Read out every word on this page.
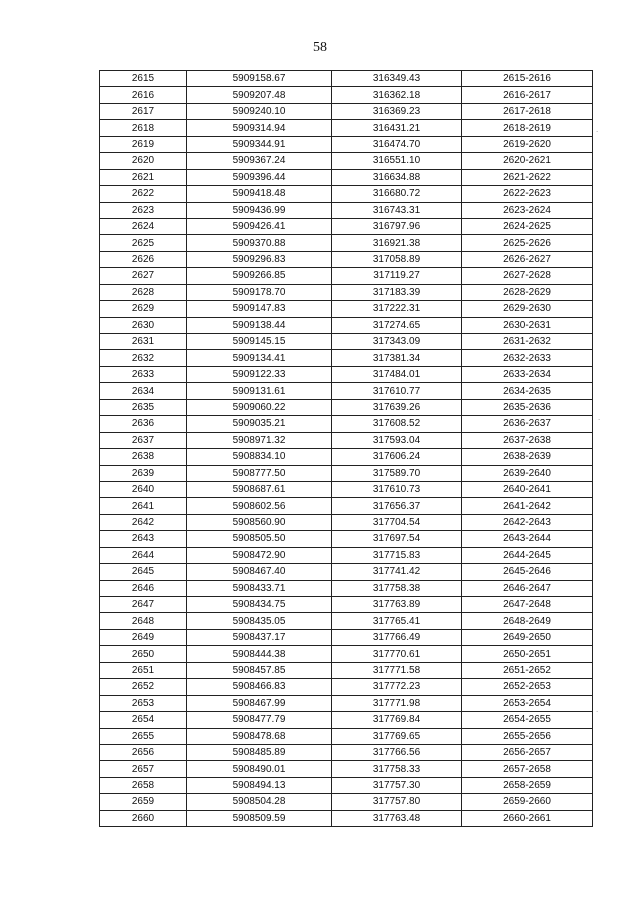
58
2615	5909158.67	316349.43	2615-2616
2616	5909207.48	316362.18	2616-2617
2617	5909240.10	316369.23	2617-2618
2618	5909314.94	316431.21	2618-2619
2619	5909344.91	316474.70	2619-2620
2620	5909367.24	316551.10	2620-2621
2621	5909396.44	316634.88	2621-2622
2622	5909418.48	316680.72	2622-2623
2623	5909436.99	316743.31	2623-2624
2624	5909426.41	316797.96	2624-2625
2625	5909370.88	316921.38	2625-2626
2626	5909296.83	317058.89	2626-2627
2627	5909266.85	317119.27	2627-2628
2628	5909178.70	317183.39	2628-2629
2629	5909147.83	317222.31	2629-2630
2630	5909138.44	317274.65	2630-2631
2631	5909145.15	317343.09	2631-2632
2632	5909134.41	317381.34	2632-2633
2633	5909122.33	317484.01	2633-2634
2634	5909131.61	317610.77	2634-2635
2635	5909060.22	317639.26	2635-2636
2636	5909035.21	317608.52	2636-2637
2637	5908971.32	317593.04	2637-2638
2638	5908834.10	317606.24	2638-2639
2639	5908777.50	317589.70	2639-2640
2640	5908687.61	317610.73	2640-2641
2641	5908602.56	317656.37	2641-2642
2642	5908560.90	317704.54	2642-2643
2643	5908505.50	317697.54	2643-2644
2644	5908472.90	317715.83	2644-2645
2645	5908467.40	317741.42	2645-2646
2646	5908433.71	317758.38	2646-2647
2647	5908434.75	317763.89	2647-2648
2648	5908435.05	317765.41	2648-2649
2649	5908437.17	317766.49	2649-2650
2650	5908444.38	317770.61	2650-2651
2651	5908457.85	317771.58	2651-2652
2652	5908466.83	317772.23	2652-2653
2653	5908467.99	317771.98	2653-2654
2654	5908477.79	317769.84	2654-2655
2655	5908478.68	317769.65	2655-2656
2656	5908485.89	317766.56	2656-2657
2657	5908490.01	317758.33	2657-2658
2658	5908494.13	317757.30	2658-2659
2659	5908504.28	317757.80	2659-2660
2660	5908509.59	317763.48	2660-2661
·
·
·
